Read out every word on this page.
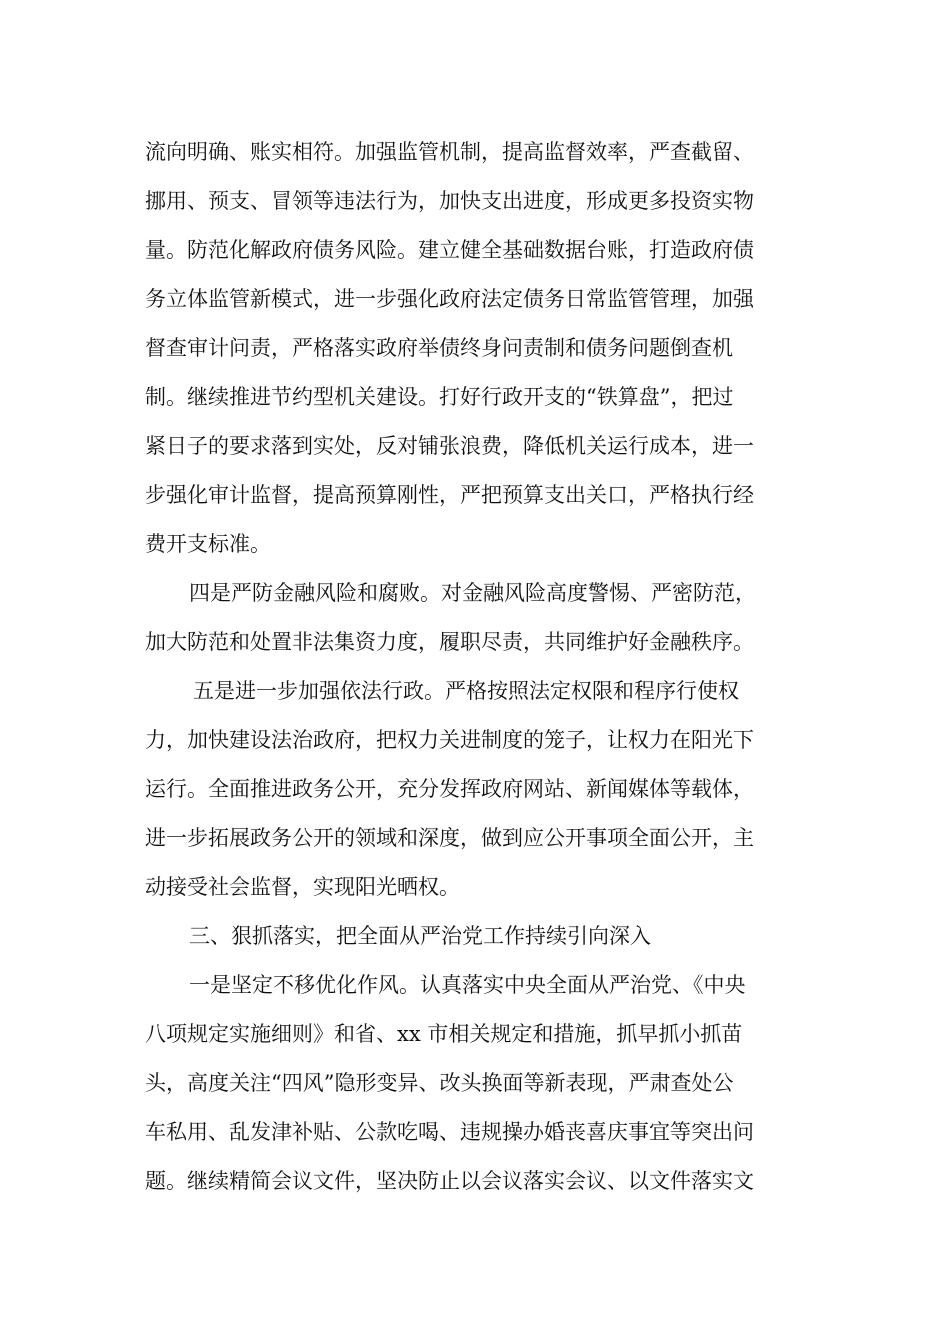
流向明确、账实相符。加强监管机制，提高监督效率，严查截留、
挪用、预支、冒领等违法行为，加快支出进度，形成更多投资实物
量。防范化解政府债务风险。建立健全基础数据台账，打造政府债
务立体监管新模式，进一步强化政府法定债务日常监管管理，加强
督查审计问责，严格落实政府举债终身问责制和债务问题倒查机
制。继续推进节约型机关建设。打好行政开支的“铁算盘”，把过
紧日子的要求落到实处，反对铺张浪费，降低机关运行成本，进一
步强化审计监督，提高预算刚性，严把预算支出关口，严格执行经
费开支标准。
四是严防金融风险和腐败。对金融风险高度警惕、严密防范，
加大防范和处置非法集资力度，履职尽责，共同维护好金融秩序。
五是进一步加强依法行政。严格按照法定权限和程序行使权
力，加快建设法治政府，把权力关进制度的笼子，让权力在阳光下
运行。全面推进政务公开，充分发挥政府网站、新闻媒体等载体，
进一步拓展政务公开的领域和深度，做到应公开事项全面公开，主
动接受社会监督，实现阳光晒权。
三、狠抓落实，把全面从严治党工作持续引向深入
一是坚定不移优化作风。认真落实中央全面从严治党、《中央
八项规定实施细则》和省、xx 市相关规定和措施，抓早抓小抓苗
头，高度关注“四风”隐形变异、改头换面等新表现，严肃查处公
车私用、乱发津补贴、公款吃喝、违规操办婚丧喜庆事宜等突出问
题。继续精简会议文件，坚决防止以会议落实会议、以文件落实文
